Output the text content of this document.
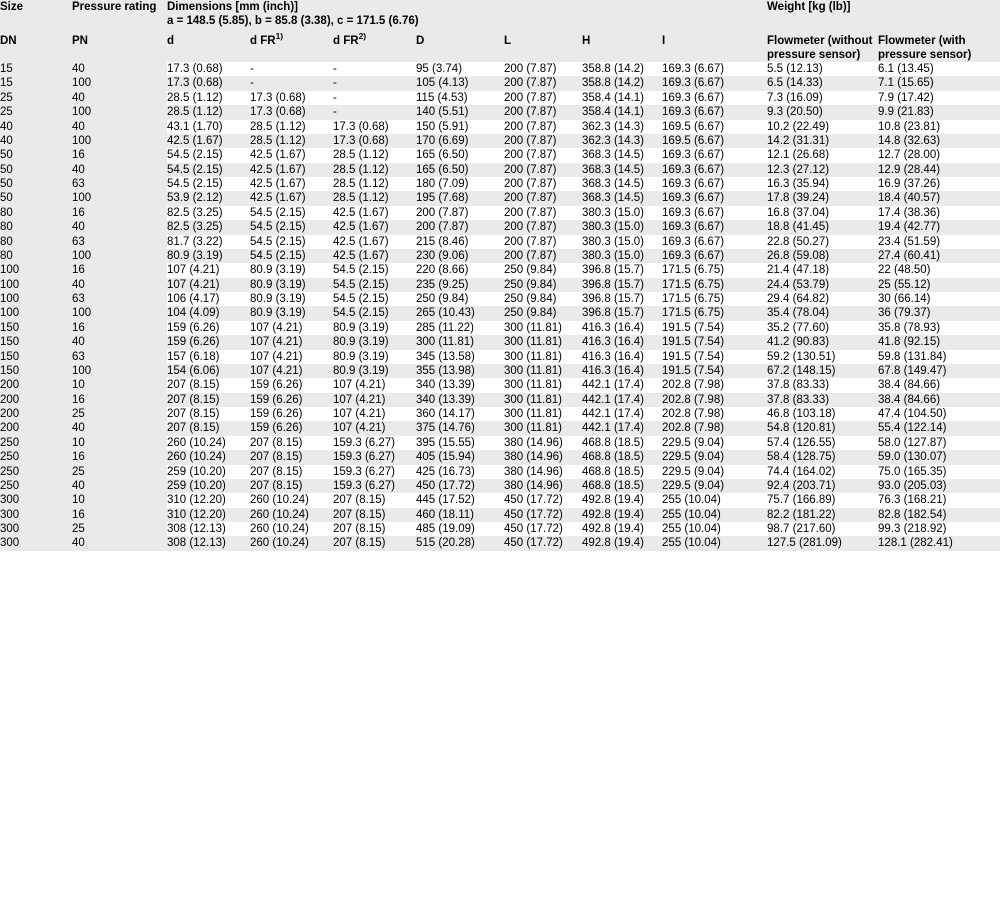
Size	Pressure rating	Dimensions [mm (inch)]
a = 148.5 (5.85), b = 85.8 (3.38), c = 171.5 (6.76)							Weight [kg (lb)]	

DN	PN	d	d FR$^{1)}$	d FR$^{2)}$	D	L	H	I	Flowmeter (without pressure sensor)	Flowmeter (with pressure sensor)
15	40	17.3 (0.68)	-	-	95 (3.74)	200 (7.87)	358.8 (14.2)	169.3 (6.67)	5.5 (12.13)	6.1 (13.45)
15	100	17.3 (0.68)	-	-	105 (4.13)	200 (7.87)	358.8 (14.2)	169.3 (6.67)	6.5 (14.33)	7.1 (15.65)
25	40	28.5 (1.12)	17.3 (0.68)	-	115 (4.53)	200 (7.87)	358.4 (14.1)	169.3 (6.67)	7.3 (16.09)	7.9 (17.42)
25	100	28.5 (1.12)	17.3 (0.68)	-	140 (5.51)	200 (7.87)	358.4 (14.1)	169.3 (6.67)	9.3 (20.50)	9.9 (21.83)
40	40	43.1 (1.70)	28.5 (1.12)	17.3 (0.68)	150 (5.91)	200 (7.87)	362.3 (14.3)	169.5 (6.67)	10.2 (22.49)	10.8 (23.81)
40	100	42.5 (1.67)	28.5 (1.12)	17.3 (0.68)	170 (6.69)	200 (7.87)	362.3 (14.3)	169.5 (6.67)	14.2 (31.31)	14.8 (32.63)
50	16	54.5 (2.15)	42.5 (1.67)	28.5 (1.12)	165 (6.50)	200 (7.87)	368.3 (14.5)	169.3 (6.67)	12.1 (26.68)	12.7 (28.00)
50	40	54.5 (2.15)	42.5 (1.67)	28.5 (1.12)	165 (6.50)	200 (7.87)	368.3 (14.5)	169.3 (6.67)	12.3 (27.12)	12.9 (28.44)
50	63	54.5 (2.15)	42.5 (1.67)	28.5 (1.12)	180 (7.09)	200 (7.87)	368.3 (14.5)	169.3 (6.67)	16.3 (35.94)	16.9 (37.26)
50	100	53.9 (2.12)	42.5 (1.67)	28.5 (1.12)	195 (7.68)	200 (7.87)	368.3 (14.5)	169.3 (6.67)	17.8 (39.24)	18.4 (40.57)
80	16	82.5 (3.25)	54.5 (2.15)	42.5 (1.67)	200 (7.87)	200 (7.87)	380.3 (15.0)	169.3 (6.67)	16.8 (37.04)	17.4 (38.36)
80	40	82.5 (3.25)	54.5 (2.15)	42.5 (1.67)	200 (7.87)	200 (7.87)	380.3 (15.0)	169.3 (6.67)	18.8 (41.45)	19.4 (42.77)
80	63	81.7 (3.22)	54.5 (2.15)	42.5 (1.67)	215 (8.46)	200 (7.87)	380.3 (15.0)	169.3 (6.67)	22.8 (50.27)	23.4 (51.59)
80	100	80.9 (3.19)	54.5 (2.15)	42.5 (1.67)	230 (9.06)	200 (7.87)	380.3 (15.0)	169.3 (6.67)	26.8 (59.08)	27.4 (60.41)
100	16	107 (4.21)	80.9 (3.19)	54.5 (2.15)	220 (8.66)	250 (9.84)	396.8 (15.7)	171.5 (6.75)	21.4 (47.18)	22 (48.50)
100	40	107 (4.21)	80.9 (3.19)	54.5 (2.15)	235 (9.25)	250 (9.84)	396.8 (15.7)	171.5 (6.75)	24.4 (53.79)	25 (55.12)
100	63	106 (4.17)	80.9 (3.19)	54.5 (2.15)	250 (9.84)	250 (9.84)	396.8 (15.7)	171.5 (6.75)	29.4 (64.82)	30 (66.14)
100	100	104 (4.09)	80.9 (3.19)	54.5 (2.15)	265 (10.43)	250 (9.84)	396.8 (15.7)	171.5 (6.75)	35.4 (78.04)	36 (79.37)
150	16	159 (6.26)	107 (4.21)	80.9 (3.19)	285 (11.22)	300 (11.81)	416.3 (16.4)	191.5 (7.54)	35.2 (77.60)	35.8 (78.93)
150	40	159 (6.26)	107 (4.21)	80.9 (3.19)	300 (11.81)	300 (11.81)	416.3 (16.4)	191.5 (7.54)	41.2 (90.83)	41.8 (92.15)
150	63	157 (6.18)	107 (4.21)	80.9 (3.19)	345 (13.58)	300 (11.81)	416.3 (16.4)	191.5 (7.54)	59.2 (130.51)	59.8 (131.84)
150	100	154 (6.06)	107 (4.21)	80.9 (3.19)	355 (13.98)	300 (11.81)	416.3 (16.4)	191.5 (7.54)	67.2 (148.15)	67.8 (149.47)
200	10	207 (8.15)	159 (6.26)	107 (4.21)	340 (13.39)	300 (11.81)	442.1 (17.4)	202.8 (7.98)	37.8 (83.33)	38.4 (84.66)
200	16	207 (8.15)	159 (6.26)	107 (4.21)	340 (13.39)	300 (11.81)	442.1 (17.4)	202.8 (7.98)	37.8 (83.33)	38.4 (84.66)
200	25	207 (8.15)	159 (6.26)	107 (4.21)	360 (14.17)	300 (11.81)	442.1 (17.4)	202.8 (7.98)	46.8 (103.18)	47.4 (104.50)
200	40	207 (8.15)	159 (6.26)	107 (4.21)	375 (14.76)	300 (11.81)	442.1 (17.4)	202.8 (7.98)	54.8 (120.81)	55.4 (122.14)
250	10	260 (10.24)	207 (8.15)	159.3 (6.27)	395 (15.55)	380 (14.96)	468.8 (18.5)	229.5 (9.04)	57.4 (126.55)	58.0 (127.87)
250	16	260 (10.24)	207 (8.15)	159.3 (6.27)	405 (15.94)	380 (14.96)	468.8 (18.5)	229.5 (9.04)	58.4 (128.75)	59.0 (130.07)
250	25	259 (10.20)	207 (8.15)	159.3 (6.27)	425 (16.73)	380 (14.96)	468.8 (18.5)	229.5 (9.04)	74.4 (164.02)	75.0 (165.35)
250	40	259 (10.20)	207 (8.15)	159.3 (6.27)	450 (17.72)	380 (14.96)	468.8 (18.5)	229.5 (9.04)	92.4 (203.71)	93.0 (205.03)
300	10	310 (12.20)	260 (10.24)	207 (8.15)	445 (17.52)	450 (17.72)	492.8 (19.4)	255 (10.04)	75.7 (166.89)	76.3 (168.21)
300	16	310 (12.20)	260 (10.24)	207 (8.15)	460 (18.11)	450 (17.72)	492.8 (19.4)	255 (10.04)	82.2 (181.22)	82.8 (182.54)
300	25	308 (12.13)	260 (10.24)	207 (8.15)	485 (19.09)	450 (17.72)	492.8 (19.4)	255 (10.04)	98.7 (217.60)	99.3 (218.92)
300	40	308 (12.13)	260 (10.24)	207 (8.15)	515 (20.28)	450 (17.72)	492.8 (19.4)	255 (10.04)	127.5 (281.09)	128.1 (282.41)
